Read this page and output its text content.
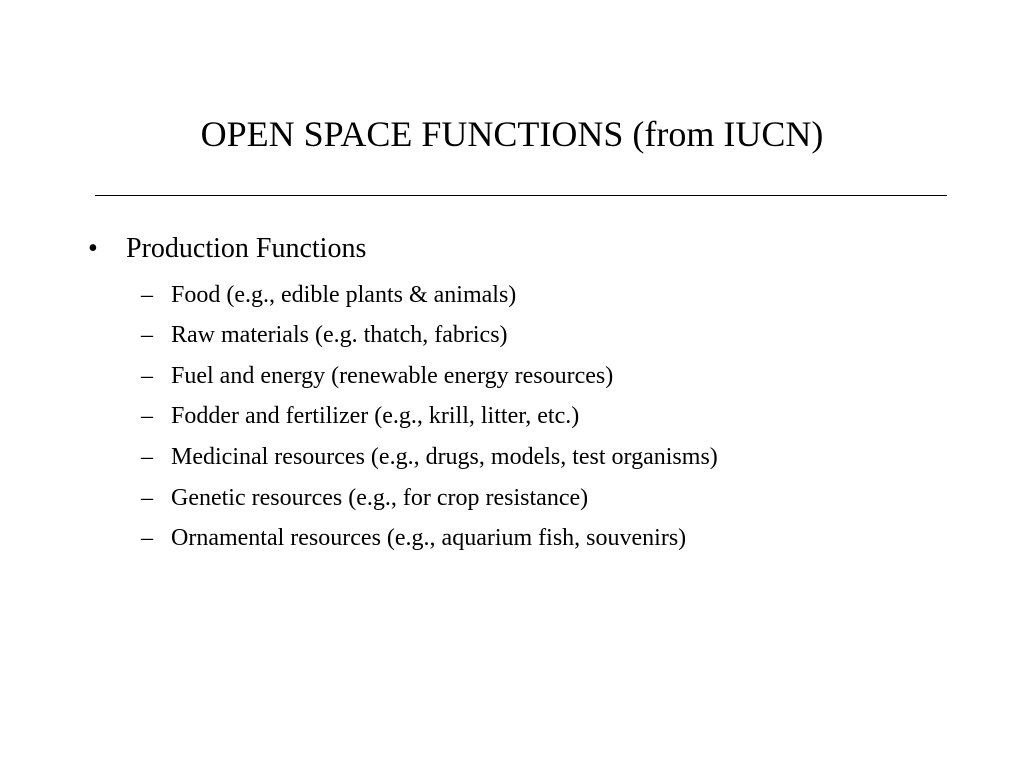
OPEN SPACE FUNCTIONS (from IUCN)
• Production Functions
– Food (e.g., edible plants & animals)
– Raw materials (e.g. thatch, fabrics)
– Fuel and energy (renewable energy resources)
– Fodder and fertilizer (e.g., krill, litter, etc.)
– Medicinal resources (e.g., drugs, models, test organisms)
– Genetic resources (e.g., for crop resistance)
– Ornamental resources (e.g., aquarium fish, souvenirs)
